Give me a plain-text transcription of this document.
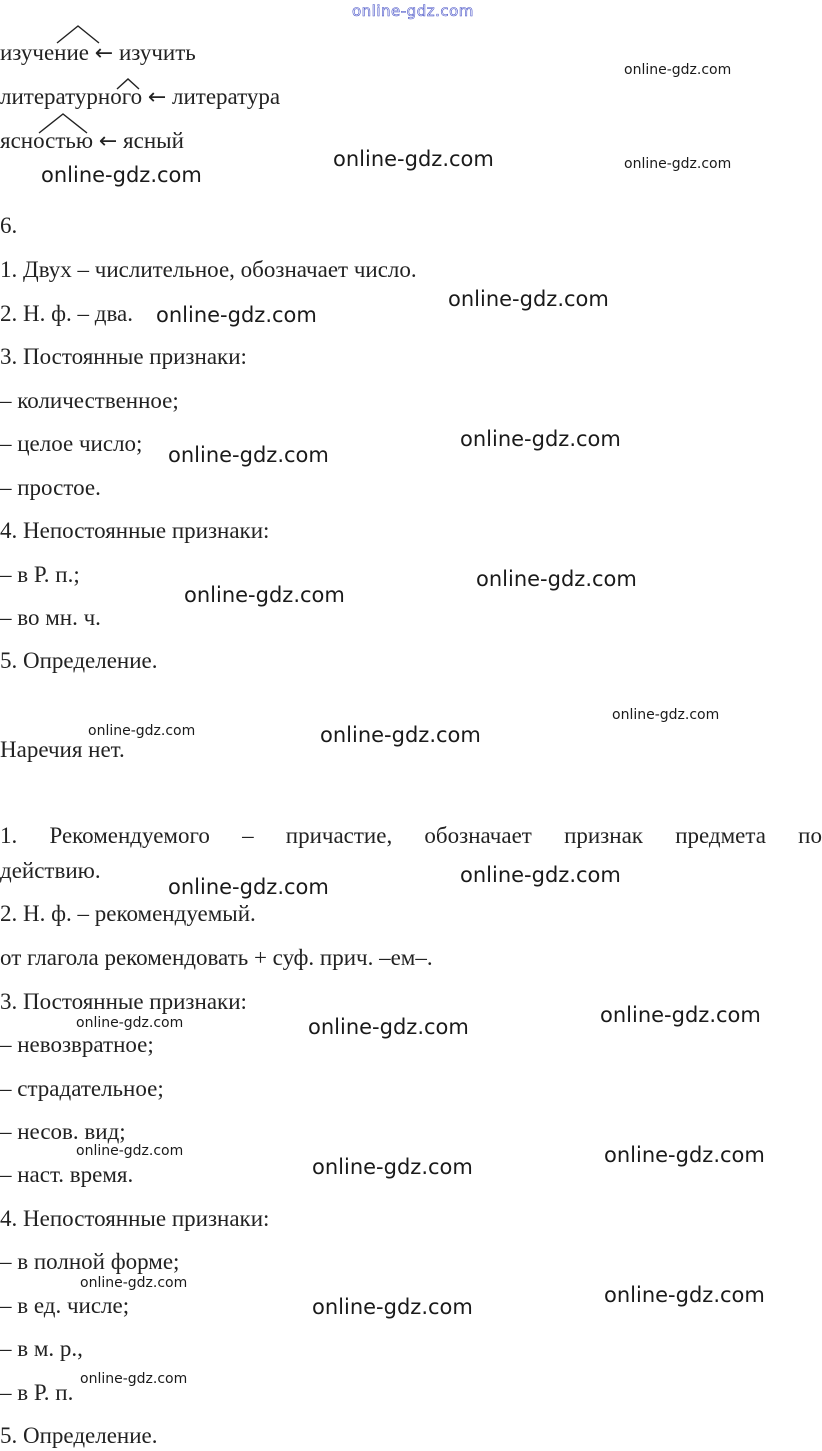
online-gdz.com
изучение ← изучить
литературного ← литература
ясностью ← ясный
6.
1. Двух – числительное, обозначает число.
2. Н. ф. – два.
3. Постоянные признаки:
– количественное;
– целое число;
– простое.
4. Непостоянные признаки:
– в Р. п.;
– во мн. ч.
5. Определение.
Наречия нет.
1. Рекомендуемого – причастие, обозначает признак предмета по
действию.
2. Н. ф. – рекомендуемый.
от глагола рекомендовать + суф. прич. –ем–.
3. Постоянные признаки:
– невозвратное;
– страдательное;
– несов. вид;
– наст. время.
4. Непостоянные признаки:
– в полной форме;
– в ед. числе;
– в м. р.,
– в Р. п.
5. Определение.
online-gdz.com
online-gdz.com	online-gdz.com
online-gdz.com
online-gdz.com
online-gdz.com
online-gdz.com
online-gdz.com
online-gdz.com
online-gdz.com
online-gdz.com
online-gdz.com	online-gdz.com
online-gdz.com
online-gdz.com
online-gdz.com
online-gdz.com	online-gdz.com
online-gdz.com	online-gdz.com
online-gdz.com
online-gdz.com	online-gdz.com
online-gdz.com
online-gdz.com
